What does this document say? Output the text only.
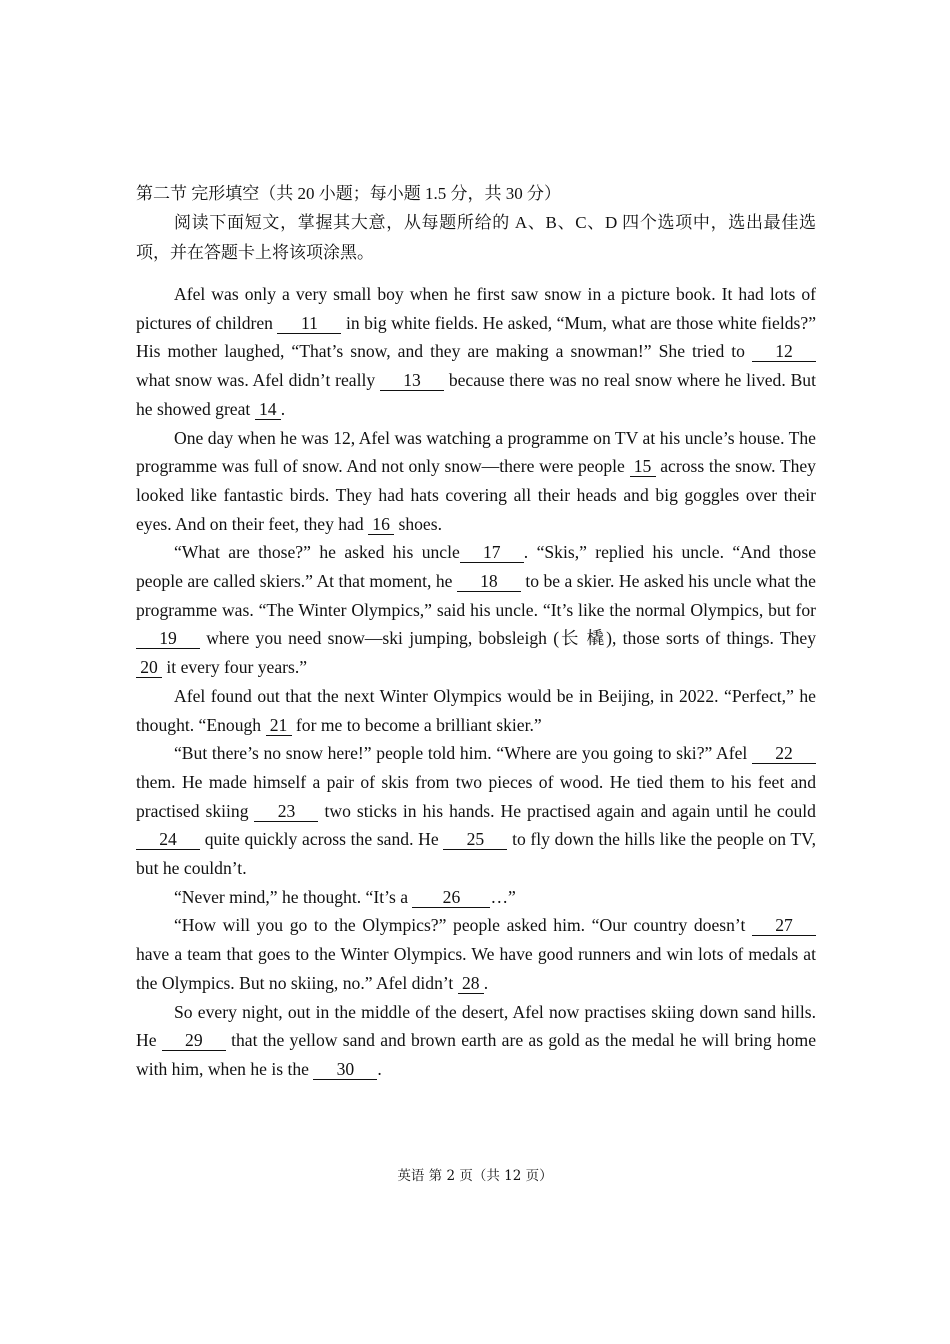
第二节 完形填空（共 20 小题；每小题 1.5 分，共 30 分）

阅读下面短文，掌握其大意，从每题所给的 A、B、C、D 四个选项中，选出最佳选项，并在答题卡上将该项涂黑。

Afel was only a very small boy when he first saw snow in a picture book. It had lots of pictures of children 11 in big white fields. He asked, “Mum, what are those white fields?” His mother laughed, “That’s snow, and they are making a snowman!” She tried to 12 what snow was. Afel didn’t really 13 because there was no real snow where he lived. But he showed great 14 .

One day when he was 12, Afel was watching a programme on TV at his uncle’s house. The programme was full of snow. And not only snow—there were people 15 across the snow. They looked like fantastic birds. They had hats covering all their heads and big goggles over their eyes. And on their feet, they had 16 shoes.

“What are those?” he asked his uncle 17 . “Skis,” replied his uncle. “And those people are called skiers.” At that moment, he 18 to be a skier. He asked his uncle what the programme was. “The Winter Olympics,” said his uncle. “It’s like the normal Olympics, but for19 where you need snow—ski jumping, bobsleigh (长 橇), those sorts of things. They 20 it every four years.”

Afel found out that the next Winter Olympics would be in Beijing, in 2022. “Perfect,” he thought. “Enough 21 for me to become a brilliant skier.”

“But there’s no snow here!” people told him. “Where are you going to ski?” Afel 22 them. He made himself a pair of skis from two pieces of wood. He tied them to his feet and practised skiing 23 two sticks in his hands. He practised again and again until he could 24 quite quickly across the sand. He 25 to fly down the hills like the people on TV, but he couldn’t.

“Never mind,” he thought. “It’s a 26 …”

“How will you go to the Olympics?” people asked him. “Our country doesn’t 27 have a team that goes to the Winter Olympics. We have good runners and win lots of medals at the Olympics. But no skiing, no.” Afel didn’t 28 .

So every night, out in the middle of the desert, Afel now practises skiing down sand hills. He 29 that the yellow sand and brown earth are as gold as the medal he will bring home with him, when he is the 30 .

英语 第 2 页（共 12 页）
